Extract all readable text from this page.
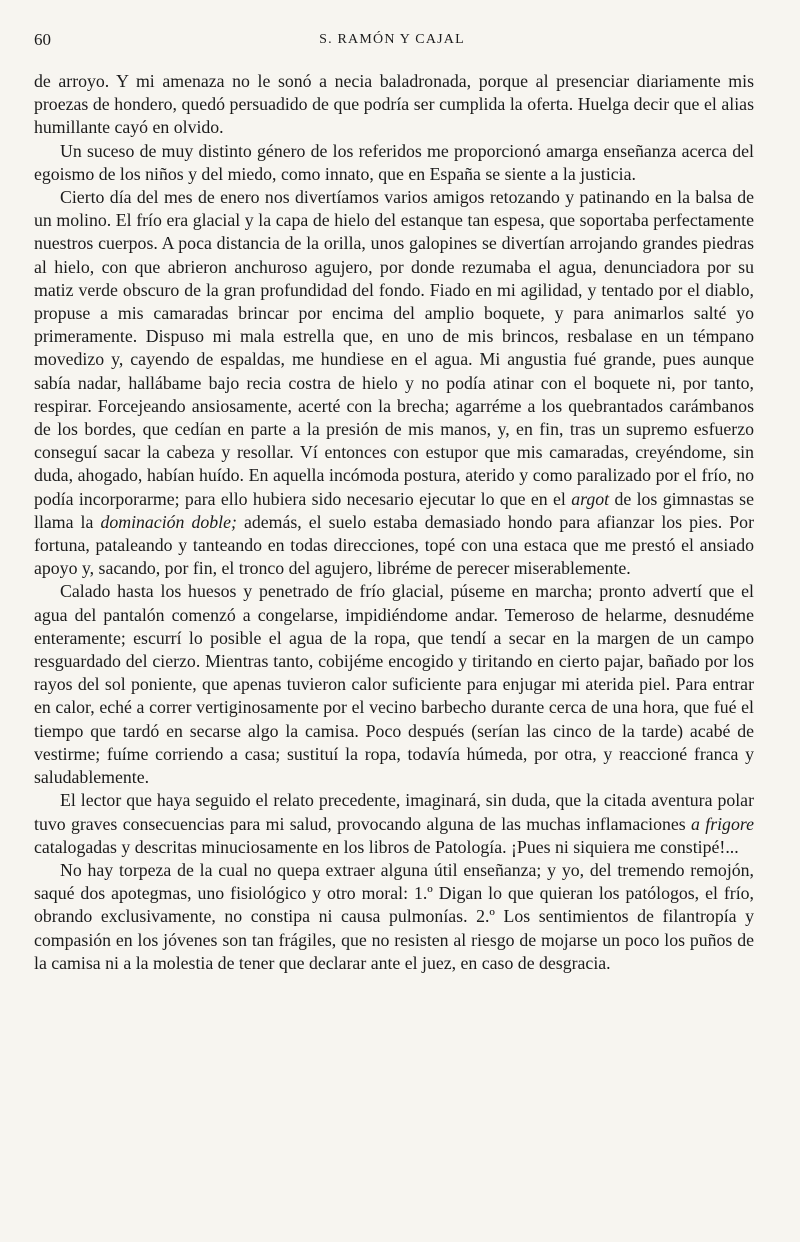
60	S. RAMÓN Y CAJAL

de arroyo. Y mi amenaza no le sonó a necia baladronada, porque al presenciar diariamente mis proezas de hondero, quedó persuadido de que podría ser cumplida la oferta. Huelga decir que el alias humillante cayó en olvido.

Un suceso de muy distinto género de los referidos me proporcionó amarga enseñanza acerca del egoismo de los niños y del miedo, como innato, que en España se siente a la justicia.

Cierto día del mes de enero nos divertíamos varios amigos retozando y patinando en la balsa de un molino. El frío era glacial y la capa de hielo del estanque tan espesa, que soportaba perfectamente nuestros cuerpos. A poca distancia de la orilla, unos galopines se divertían arrojando grandes piedras al hielo, con que abrieron anchuroso agujero, por donde rezumaba el agua, denunciadora por su matiz verde obscuro de la gran profundidad del fondo. Fiado en mi agilidad, y tentado por el diablo, propuse a mis camaradas brincar por encima del amplio boquete, y para animarlos salté yo primeramente. Dispuso mi mala estrella que, en uno de mis brincos, resbalase en un témpano movedizo y, cayendo de espaldas, me hundiese en el agua. Mi angustia fué grande, pues aunque sabía nadar, hallábame bajo recia costra de hielo y no podía atinar con el boquete ni, por tanto, respirar. Forcejeando ansiosamente, acerté con la brecha; agarréme a los quebrantados carámbanos de los bordes, que cedían en parte a la presión de mis manos, y, en fin, tras un supremo esfuerzo conseguí sacar la cabeza y resollar. Ví entonces con estupor que mis camaradas, creyéndome, sin duda, ahogado, habían huído. En aquella incómoda postura, aterido y como paralizado por el frío, no podía incorporarme; para ello hubiera sido necesario ejecutar lo que en el argot de los gimnastas se llama la dominación doble; además, el suelo estaba demasiado hondo para afianzar los pies. Por fortuna, pataleando y tanteando en todas direcciones, topé con una estaca que me prestó el ansiado apoyo y, sacando, por fin, el tronco del agujero, libréme de perecer miserablemente.

Calado hasta los huesos y penetrado de frío glacial, púseme en marcha; pronto advertí que el agua del pantalón comenzó a congelarse, impidiéndome andar. Temeroso de helarme, desnudéme enteramente; escurrí lo posible el agua de la ropa, que tendí a secar en la margen de un campo resguardado del cierzo. Mientras tanto, cobijéme encogido y tiritando en cierto pajar, bañado por los rayos del sol poniente, que apenas tuvieron calor suficiente para enjugar mi aterida piel. Para entrar en calor, eché a correr vertiginosamente por el vecino barbecho durante cerca de una hora, que fué el tiempo que tardó en secarse algo la camisa. Poco después (serían las cinco de la tarde) acabé de vestirme; fuíme corriendo a casa; sustituí la ropa, todavía húmeda, por otra, y reaccioné franca y saludablemente.

El lector que haya seguido el relato precedente, imaginará, sin duda, que la citada aventura polar tuvo graves consecuencias para mi salud, provocando alguna de las muchas inflamaciones a frigore catalogadas y descritas minuciosamente en los libros de Patología. ¡Pues ni siquiera me constipé!...

No hay torpeza de la cual no quepa extraer alguna útil enseñanza; y yo, del tremendo remojón, saqué dos apotegmas, uno fisiológico y otro moral: 1.º Digan lo que quieran los patólogos, el frío, obrando exclusivamente, no constipa ni causa pulmonías. 2.º Los sentimientos de filantropía y compasión en los jóvenes son tan frágiles, que no resisten al riesgo de mojarse un poco los puños de la camisa ni a la molestia de tener que declarar ante el juez, en caso de desgracia.
